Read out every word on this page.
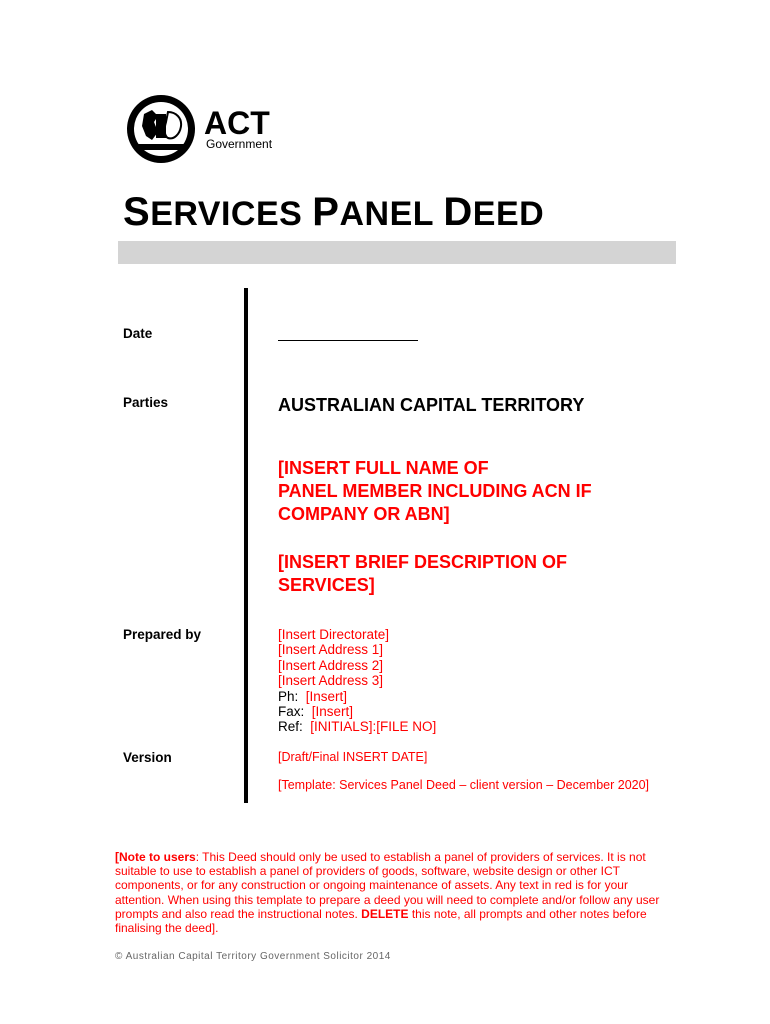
ACT
Government
SERVICES PANEL DEED
Date
Parties	AUSTRALIAN CAPITAL TERRITORY
[INSERT FULL NAME OF
PANEL MEMBER INCLUDING ACN IF
COMPANY OR ABN]
[INSERT BRIEF DESCRIPTION OF
SERVICES]
Prepared by	[Insert Directorate]
[Insert Address 1]
[Insert Address 2]
[Insert Address 3]
Ph: [Insert]
Fax: [Insert]
Ref: [INITIALS]:[FILE NO]
Version	[Draft/Final INSERT DATE]
[Template: Services Panel Deed – client version – December 2020]
[Note to users: This Deed should only be used to establish a panel of providers of services. It is not suitable to use to establish a panel of providers of goods, software, website design or other ICT components, or for any construction or ongoing maintenance of assets. Any text in red is for your attention. When using this template to prepare a deed you will need to complete and/or follow any user prompts and also read the instructional notes. DELETE this note, all prompts and other notes before finalising the deed].
© Australian Capital Territory Government Solicitor 2014
